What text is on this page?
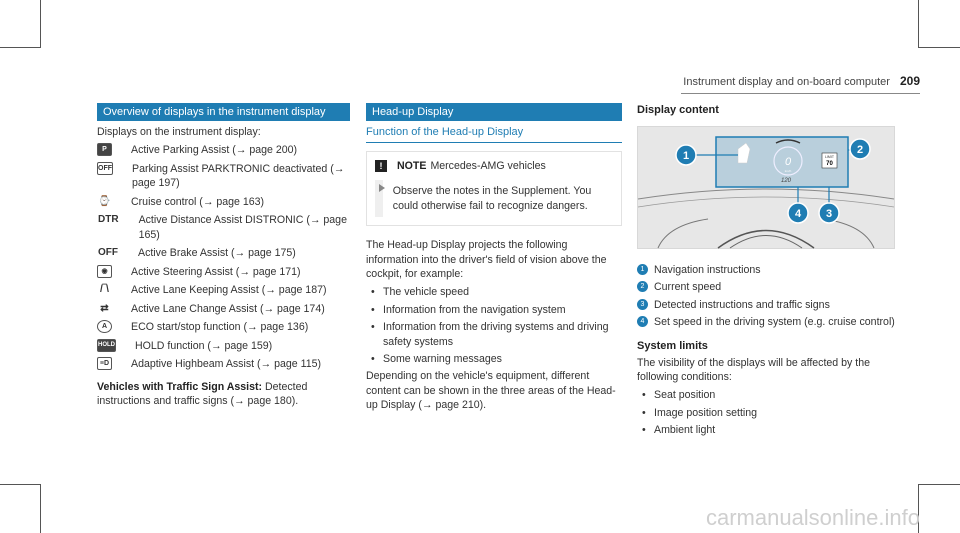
Instrument display and on-board computer 209
Overview of displays in the instrument display

Displays on the instrument display:

P	Active Parking Assist (→ page 200)
OFF Parking Assist PARKTRONIC deactivated (→ page 197)
⌚ Cruise control (→ page 163)
DTR Active Distance Assist DISTRONIC (→ page 165)
OFF Active Brake Assist (→ page 175)
◉	Active Steering Assist (→ page 171)
/‾\ Active Lane Keeping Assist (→ page 187)
⇄	Active Lane Change Assist (→ page 174)
A	ECO start/stop function (→ page 136)
HOLD HOLD function (→ page 159)
≡D Adaptive Highbeam Assist (→ page 115)

Vehicles with Traffic Sign Assist: Detected instructions and traffic signs (→ page 180).

Head-up Display
Function of the Head-up Display
!	NOTE Mercedes-AMG vehicles
Observe the notes in the Supplement. You could otherwise fail to recognize dangers.

The Head-up Display projects the following information into the driver's field of vision above the cockpit, for example:

• The vehicle speed
• Information from the navigation system
• Information from the driving systems and driving safety systems
• Some warning messages

Depending on the vehicle's equipment, different content can be shown in the three areas of the Head-up Display (→ page 210).

Display content
0
km/h
120
LIMIT
70
1	2
4 3
1 Navigation instructions
2 Current speed
3 Detected instructions and traffic signs
4 Set speed in the driving system (e.g. cruise control)
System limits

The visibility of the displays will be affected by the following conditions:

• Seat position
• Image position setting
• Ambient light
carmanualsonline.info
